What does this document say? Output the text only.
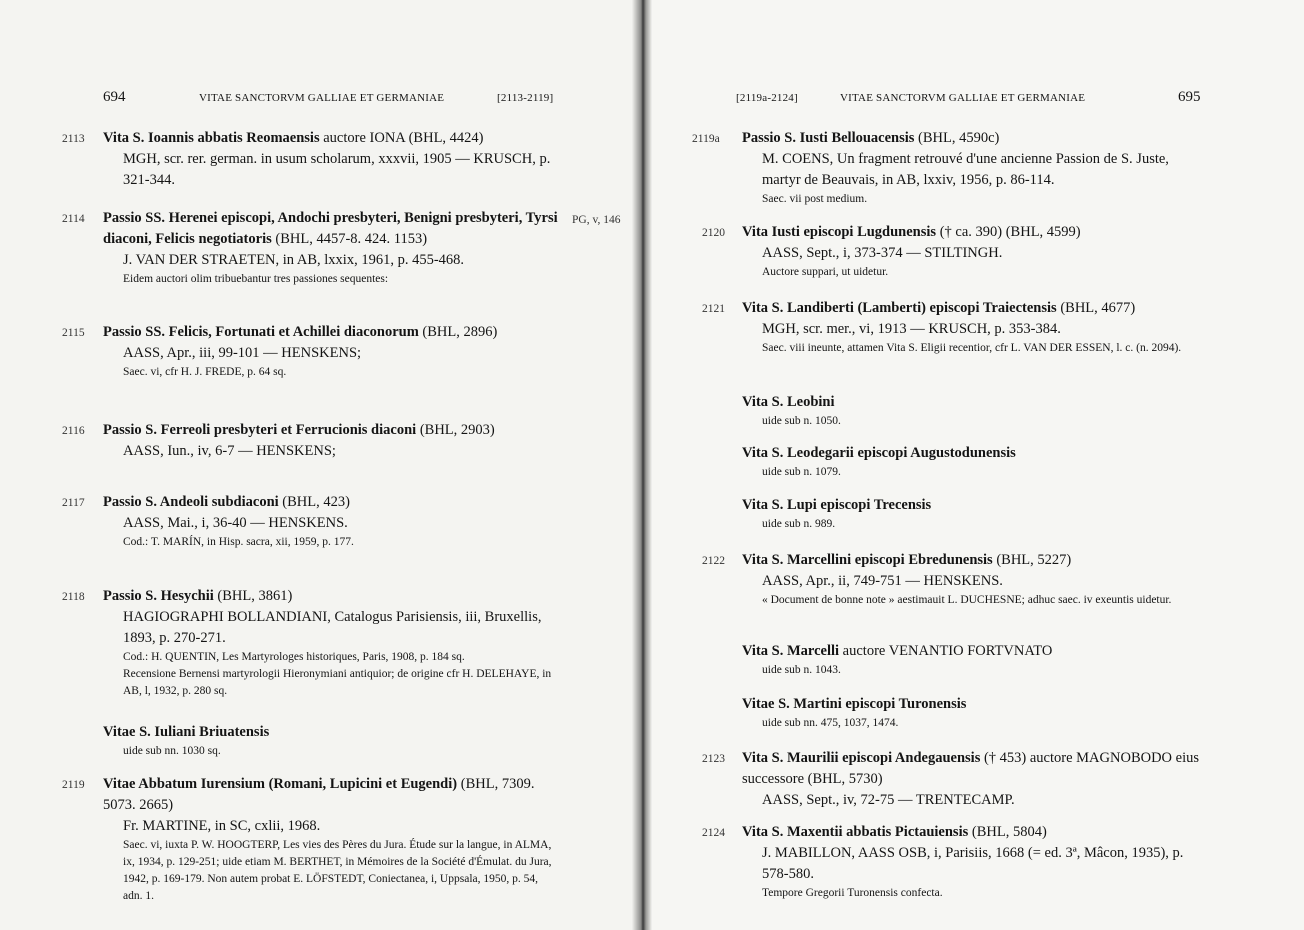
694	VITAE SANCTORVM GALLIAE ET GERMANIAE	[2113-2119]
PG, v, 146
2113 Vita S. Ioannis abbatis Reomaensis auctore IONA (BHL, 4424)
MGH, scr. rer. german. in usum scholarum, xxxvii, 1905 — KRUSCH, p. 321-344.
2114 Passio SS. Herenei episcopi, Andochi presbyteri, Benigni presbyteri, Tyrsi diaconi, Felicis negotiatoris (BHL, 4457-8. 424. 1153)
J. VAN DER STRAETEN, in AB, lxxix, 1961, p. 455-468.
Eidem auctori olim tribuebantur tres passiones sequentes:
2115 Passio SS. Felicis, Fortunati et Achillei diaconorum (BHL, 2896)
AASS, Apr., iii, 99-101 — HENSKENS;
Saec. vi, cfr H. J. FREDE, p. 64 sq.
2116 Passio S. Ferreoli presbyteri et Ferrucionis diaconi (BHL, 2903)
AASS, Iun., iv, 6-7 — HENSKENS;
2117 Passio S. Andeoli subdiaconi (BHL, 423)
AASS, Mai., i, 36-40 — HENSKENS.
Cod.: T. MARÍN, in Hisp. sacra, xii, 1959, p. 177.
2118 Passio S. Hesychii (BHL, 3861)
HAGIOGRAPHI BOLLANDIANI, Catalogus Parisiensis, iii, Bruxellis, 1893, p. 270-271.
Cod.: H. QUENTIN, Les Martyrologes historiques, Paris, 1908, p. 184 sq.
Recensione Bernensi martyrologii Hieronymiani antiquior; de origine cfr H. DELEHAYE, in AB, l, 1932, p. 280 sq.
Vitae S. Iuliani Briuatensis
uide sub nn. 1030 sq.
2119 Vitae Abbatum Iurensium (Romani, Lupicini et Eugendi) (BHL, 7309. 5073. 2665)
Fr. MARTINE, in SC, cxlii, 1968.
Saec. vi, iuxta P. W. HOOGTERP, Les vies des Pères du Jura. Étude sur la langue, in ALMA, ix, 1934, p. 129-251; uide etiam M. BERTHET, in Mémoires de la Société d'Émulat. du Jura, 1942, p. 169-179. Non autem probat E. LÖFSTEDT, Coniectanea, i, Uppsala, 1950, p. 54, adn. 1.
[2119a-2124]	VITAE SANCTORVM GALLIAE ET GERMANIAE	695
2119a Passio S. Iusti Bellouacensis (BHL, 4590c)
M. COENS, Un fragment retrouvé d'une ancienne Passion de S. Juste, martyr de Beauvais, in AB, lxxiv, 1956, p. 86-114.
Saec. vii post medium.
2120 Vita Iusti episcopi Lugdunensis († ca. 390) (BHL, 4599)
AASS, Sept., i, 373-374 — STILTINGH.
Auctore suppari, ut uidetur.
2121 Vita S. Landiberti (Lamberti) episcopi Traiectensis (BHL, 4677)
MGH, scr. mer., vi, 1913 — KRUSCH, p. 353-384.
Saec. viii ineunte, attamen Vita S. Eligii recentior, cfr L. VAN DER ESSEN, l. c. (n. 2094).
Vita S. Leobini
uide sub n. 1050.
Vita S. Leodegarii episcopi Augustodunensis
uide sub n. 1079.
Vita S. Lupi episcopi Trecensis
uide sub n. 989.
2122 Vita S. Marcellini episcopi Ebredunensis (BHL, 5227)
AASS, Apr., ii, 749-751 — HENSKENS.
« Document de bonne note » aestimauit L. DUCHESNE; adhuc saec. iv exeuntis uidetur.
Vita S. Marcelli auctore VENANTIO FORTVNATO
uide sub n. 1043.
Vitae S. Martini episcopi Turonensis
uide sub nn. 475, 1037, 1474.
2123 Vita S. Maurilii episcopi Andegauensis († 453) auctore MAGNOBODO eius successore (BHL, 5730)
AASS, Sept., iv, 72-75 — TRENTECAMP.
2124 Vita S. Maxentii abbatis Pictauiensis (BHL, 5804)
J. MABILLON, AASS OSB, i, Parisiis, 1668 (= ed. 3ª, Mâcon, 1935), p. 578-580.
Tempore Gregorii Turonensis confecta.
